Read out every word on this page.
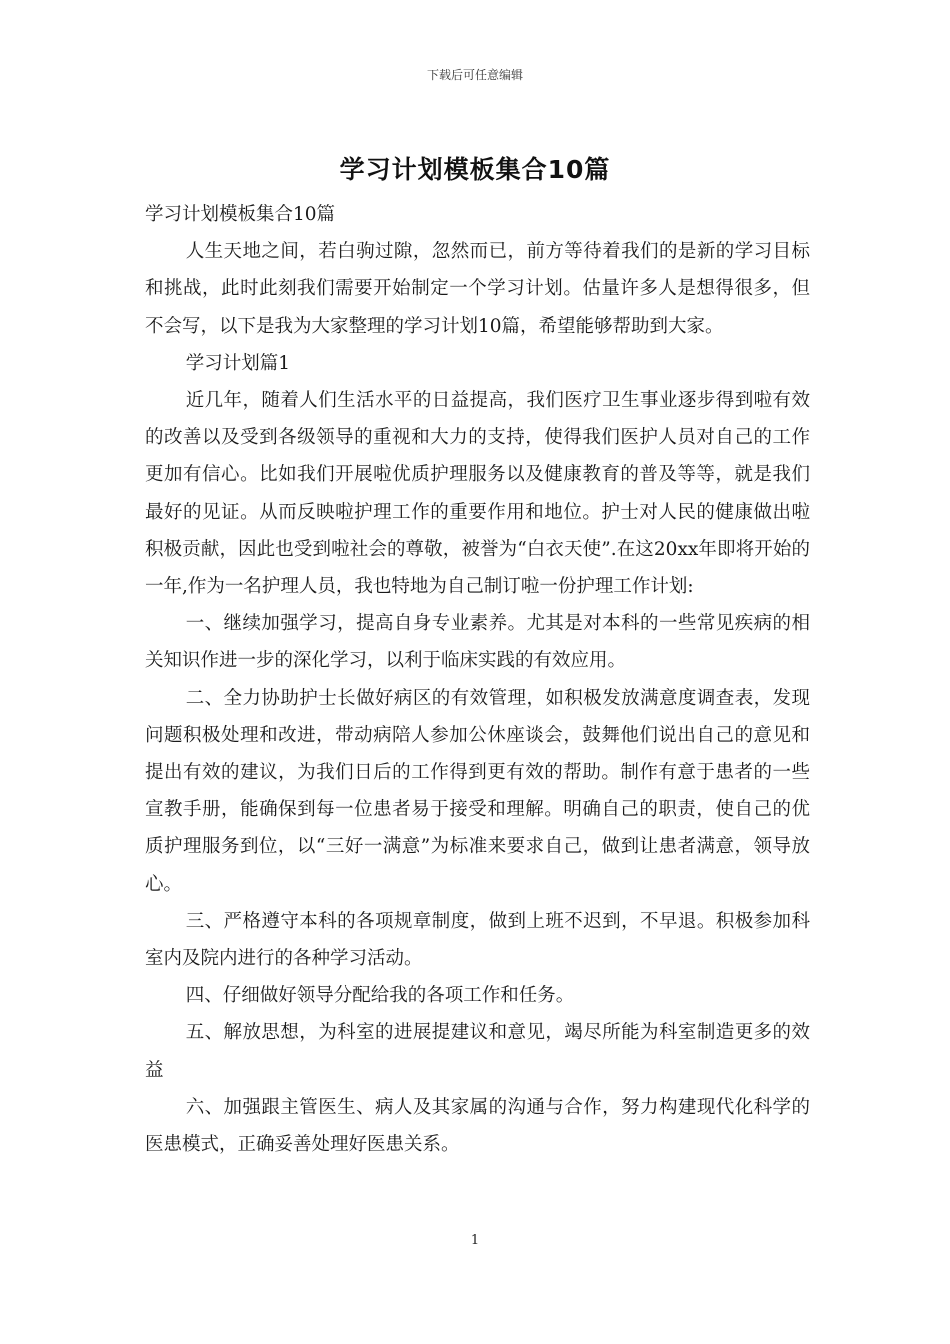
下载后可任意编辑
学习计划模板集合10篇

学习计划模板集合10篇

人生天地之间，若白驹过隙，忽然而已，前方等待着我们的是新的学习目标和挑战，此时此刻我们需要开始制定一个学习计划。估量许多人是想得很多，但不会写，以下是我为大家整理的学习计划10篇，希望能够帮助到大家。

学习计划篇1

近几年，随着人们生活水平的日益提高，我们医疗卫生事业逐步得到啦有效的改善以及受到各级领导的重视和大力的支持，使得我们医护人员对自己的工作更加有信心。比如我们开展啦优质护理服务以及健康教育的普及等等，就是我们最好的见证。从而反映啦护理工作的重要作用和地位。护士对人民的健康做出啦积极贡献，因此也受到啦社会的尊敬，被誉为“白衣天使”.在这20xx年即将开始的一年,作为一名护理人员，我也特地为自己制订啦一份护理工作计划:

一、继续加强学习，提高自身专业素养。尤其是对本科的一些常见疾病的相关知识作进一步的深化学习，以利于临床实践的有效应用。

二、全力协助护士长做好病区的有效管理，如积极发放满意度调查表，发现问题积极处理和改进，带动病陪人参加公休座谈会，鼓舞他们说出自己的意见和提出有效的建议，为我们日后的工作得到更有效的帮助。制作有意于患者的一些宣教手册，能确保到每一位患者易于接受和理解。明确自己的职责，使自己的优质护理服务到位，以“三好一满意”为标准来要求自己，做到让患者满意，领导放心。

三、严格遵守本科的各项规章制度，做到上班不迟到，不早退。积极参加科室内及院内进行的各种学习活动。

四、仔细做好领导分配给我的各项工作和任务。

五、解放思想，为科室的进展提建议和意见，竭尽所能为科室制造更多的效益

六、加强跟主管医生、病人及其家属的沟通与合作，努力构建现代化科学的医患模式，正确妥善处理好医患关系。

1
